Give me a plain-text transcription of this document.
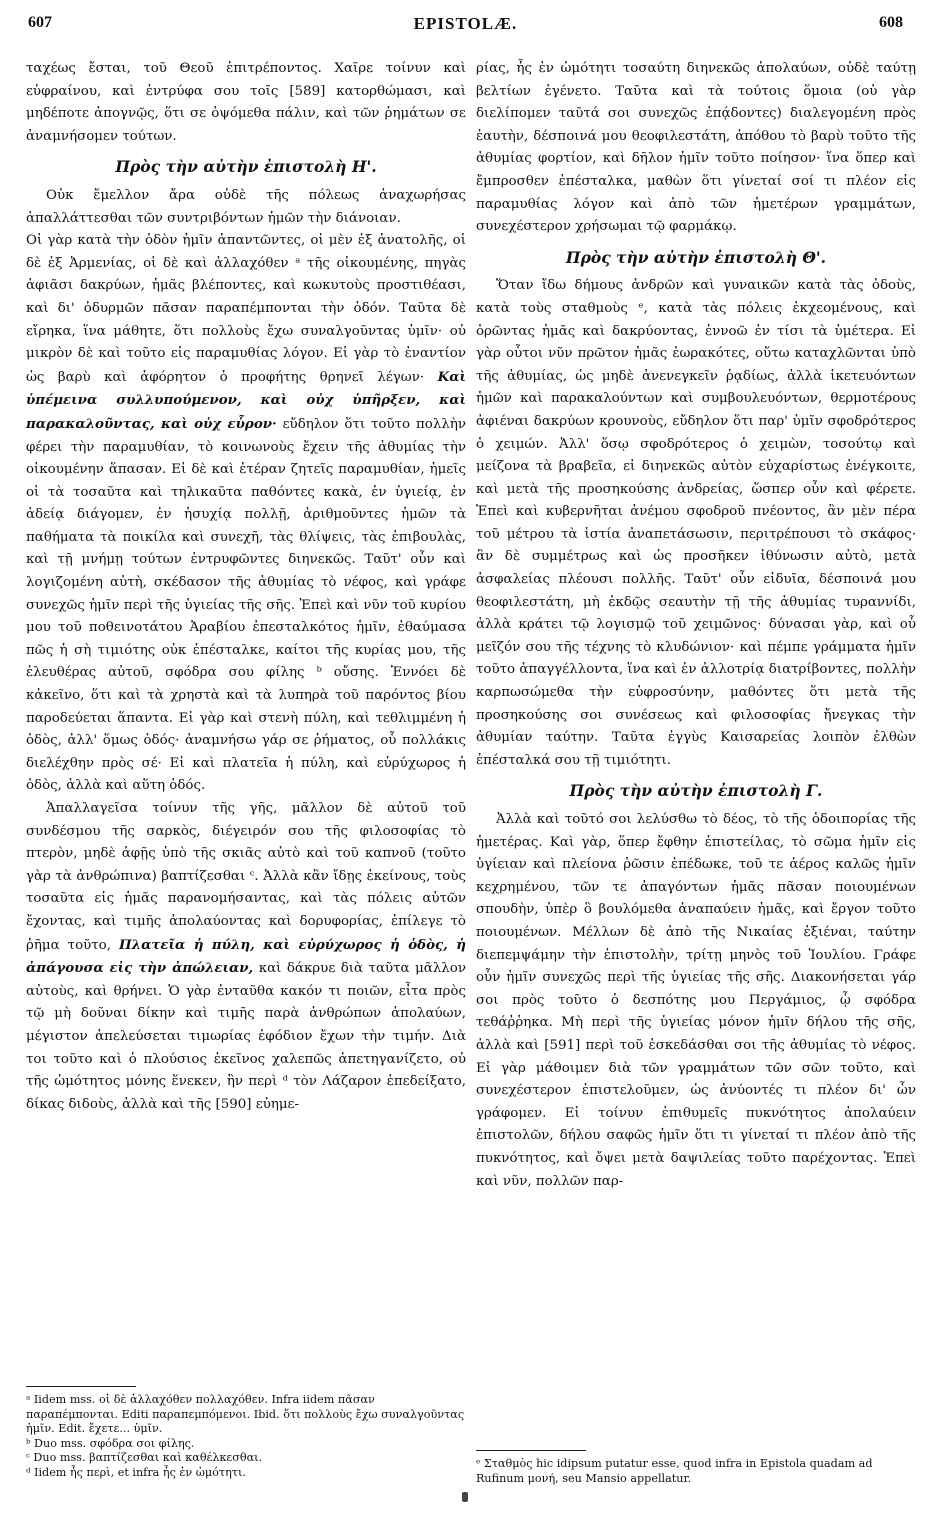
607	EPISTOLÆ.	608

ταχέως ἔσται, τοῦ Θεοῦ ἐπιτρέποντος. Χαῖρε τοίνυν καὶ εὐφραίνου, καὶ ἐντρύφα σου τοῖς [589] κατορθώμασι, καὶ μηδέποτε ἀπογνῷς, ὅτι σε ὀψόμεθα πάλιν, καὶ τῶν ῥημάτων σε ἀναμνήσομεν τούτων.

Πρὸς τὴν αὐτὴν ἐπιστολὴ Η'.

Οὐκ ἔμελλον ἄρα οὐδὲ τῆς πόλεως ἀναχωρήσας ἀπαλλάττεσθαι τῶν συντριβόντων ἡμῶν τὴν διάνοιαν.

Οἱ γὰρ κατὰ τὴν ὁδὸν ἡμῖν ἀπαντῶντες, οἱ μὲν ἐξ ἀνατολῆς, οἱ δὲ ἐξ Ἀρμενίας, οἱ δὲ καὶ ἀλλαχόθεν ᵃ τῆς οἰκουμένης, πηγὰς ἀφιᾶσι δακρύων, ἡμᾶς βλέποντες, καὶ κωκυτοὺς προστιθέασι, καὶ δι' ὀδυρμῶν πᾶσαν παραπέμπονται τὴν ὁδόν. Ταῦτα δὲ εἴρηκα, ἵνα μάθητε, ὅτι πολλοὺς ἔχω συναλγοῦντας ὑμῖν· οὐ μικρὸν δὲ καὶ τοῦτο εἰς παραμυθίας λόγον. Εἰ γὰρ τὸ ἐναντίον ὡς βαρὺ καὶ ἀφόρητον ὁ προφήτης θρηνεῖ λέγων· Καὶ ὑπέμεινα συλλυπούμενον, καὶ οὐχ ὑπῆρξεν, καὶ παρακαλοῦντας, καὶ οὐχ εὗρον· εὔδηλον ὅτι τοῦτο πολλὴν φέρει τὴν παραμυθίαν, τὸ κοινωνοὺς ἔχειν τῆς ἀθυμίας τὴν οἰκουμένην ἅπασαν. Εἰ δὲ καὶ ἑτέραν ζητεῖς παραμυθίαν, ἡμεῖς οἱ τὰ τοσαῦτα καὶ τηλικαῦτα παθόντες κακὰ, ἐν ὑγιείᾳ, ἐν ἀδείᾳ διάγομεν, ἐν ἡσυχίᾳ πολλῇ, ἀριθμοῦντες ἡμῶν τὰ παθήματα τὰ ποικίλα καὶ συνεχῆ, τὰς θλίψεις, τὰς ἐπιβουλὰς, καὶ τῇ μνήμῃ τούτων ἐντρυφῶντες διηνεκῶς. Ταῦτ' οὖν καὶ λογιζομένη αὐτὴ, σκέδασον τῆς ἀθυμίας τὸ νέφος, καὶ γράφε συνεχῶς ἡμῖν περὶ τῆς ὑγιείας τῆς σῆς. Ἐπεὶ καὶ νῦν τοῦ κυρίου μου τοῦ ποθεινοτάτου Ἀραβίου ἐπεσταλκότος ἡμῖν, ἐθαύμασα πῶς ἡ σὴ τιμιότης οὐκ ἐπέσταλκε, καίτοι τῆς κυρίας μου, τῆς ἐλευθέρας αὐτοῦ, σφόδρα σου φίλης ᵇ οὔσης. Ἐννόει δὲ κἀκεῖνο, ὅτι καὶ τὰ χρηστὰ καὶ τὰ λυπηρὰ τοῦ παρόντος βίου παροδεύεται ἅπαντα. Εἰ γὰρ καὶ στενὴ πύλη, καὶ τεθλιμμένη ἡ ὁδὸς, ἀλλ' ὅμως ὁδός· ἀναμνήσω γάρ σε ῥήματος, οὗ πολλάκις διελέχθην πρὸς σέ· Εἰ καὶ πλατεῖα ἡ πύλη, καὶ εὐρύχωρος ἡ ὁδὸς, ἀλλὰ καὶ αὕτη ὁδός.

Ἀπαλλαγεῖσα τοίνυν τῆς γῆς, μᾶλλον δὲ αὐτοῦ τοῦ συνδέσμου τῆς σαρκὸς, διέγειρόν σου τῆς φιλοσοφίας τὸ πτερὸν, μηδὲ ἀφῇς ὑπὸ τῆς σκιᾶς αὐτὸ καὶ τοῦ καπνοῦ (τοῦτο γὰρ τὰ ἀνθρώπινα) βαπτίζεσθαι ᶜ. Ἀλλὰ κἂν ἴδῃς ἐκείνους, τοὺς τοσαῦτα εἰς ἡμᾶς παρανομήσαντας, καὶ τὰς πόλεις αὐτῶν ἔχοντας, καὶ τιμῆς ἀπολαύοντας καὶ δορυφορίας, ἐπίλεγε τὸ ῥῆμα τοῦτο, Πλατεῖα ἡ πύλη, καὶ εὐρύχωρος ἡ ὁδὸς, ἡ ἀπάγουσα εἰς τὴν ἀπώλειαν, καὶ δάκρυε διὰ ταῦτα μᾶλλον αὐτοὺς, καὶ θρήνει. Ὁ γὰρ ἐνταῦθα κακόν τι ποιῶν, εἶτα πρὸς τῷ μὴ δοῦναι δίκην καὶ τιμῆς παρὰ ἀνθρώπων ἀπολαύων, μέγιστον ἀπελεύσεται τιμωρίας ἐφόδιον ἔχων τὴν τιμήν. Διὰ τοι τοῦτο καὶ ὁ πλούσιος ἐκεῖνος χαλεπῶς ἀπετηγανίζετο, οὐ τῆς ὠμότητος μόνης ἕνεκεν, ἣν περὶ ᵈ τὸν Λάζαρον ἐπεδείξατο, δίκας διδοὺς, ἀλλὰ καὶ τῆς [590] εὐημε-

ᵃ Iidem mss. οἱ δὲ ἀλλαχόθεν πολλαχόθεν. Infra iidem πᾶσαν παραπέμπονται. Editi παραπεμπόμενοι. Ibid. ὅτι πολλοὺς ἔχω συναλγοῦντας ἡμῖν. Edit. ἔχετε... ὑμῖν.

ᵇ Duo mss. σφόδρα σοι φίλης.

ᶜ Duo mss. βαπτίζεσθαι καὶ καθέλκεσθαι.

ᵈ Iidem ἧς περὶ, et infra ἧς ἐν ὠμότητι.

ρίας, ἧς ἐν ὠμότητι τοσαύτη διηνεκῶς ἀπολαύων, οὐδὲ ταύτῃ βελτίων ἐγένετο. Ταῦτα καὶ τὰ τούτοις ὅμοια (οὐ γὰρ διελίπομεν ταῦτά σοι συνεχῶς ἐπᾴδοντες) διαλεγομένη πρὸς ἑαυτὴν, δέσποινά μου θεοφιλεστάτη, ἀπόθου τὸ βαρὺ τοῦτο τῆς ἀθυμίας φορτίον, καὶ δῆλον ἡμῖν τοῦτο ποίησον· ἵνα ὅπερ καὶ ἔμπροσθεν ἐπέσταλκα, μαθὼν ὅτι γίνεταί σοί τι πλέον εἰς παραμυθίας λόγον καὶ ἀπὸ τῶν ἡμετέρων γραμμάτων, συνεχέστερον χρήσωμαι τῷ φαρμάκῳ.

Πρὸς τὴν αὐτὴν ἐπιστολὴ Θ'.

Ὅταν ἴδω δήμους ἀνδρῶν καὶ γυναικῶν κατὰ τὰς ὁδοὺς, κατὰ τοὺς σταθμοὺς ᵉ, κατὰ τὰς πόλεις ἐκχεομένους, καὶ ὁρῶντας ἡμᾶς καὶ δακρύοντας, ἐννοῶ ἐν τίσι τὰ ὑμέτερα. Εἰ γὰρ οὗτοι νῦν πρῶτον ἡμᾶς ἑωρακότες, οὕτω καταχλῶνται ὑπὸ τῆς ἀθυμίας, ὡς μηδὲ ἀνενεγκεῖν ῥᾳδίως, ἀλλὰ ἱκετευόντων ἡμῶν καὶ παρακαλούντων καὶ συμβουλευόντων, θερμοτέρους ἀφιέναι δακρύων κρουνοὺς, εὔδηλον ὅτι παρ' ὑμῖν σφοδρότερος ὁ χειμών. Ἀλλ' ὅσῳ σφοδρότερος ὁ χειμὼν, τοσούτῳ καὶ μείζονα τὰ βραβεῖα, εἰ διηνεκῶς αὐτὸν εὐχαρίστως ἐνέγκοιτε, καὶ μετὰ τῆς προσηκούσης ἀνδρείας, ὥσπερ οὖν καὶ φέρετε. Ἐπεὶ καὶ κυβερνῆται ἀνέμου σφοδροῦ πνέοντος, ἂν μὲν πέρα τοῦ μέτρου τὰ ἱστία ἀναπετάσωσιν, περιτρέπουσι τὸ σκάφος· ἂν δὲ συμμέτρως καὶ ὡς προσῆκεν ἰθύνωσιν αὐτὸ, μετὰ ἀσφαλείας πλέουσι πολλῆς. Ταῦτ' οὖν εἰδυῖα, δέσποινά μου θεοφιλεστάτη, μὴ ἐκδῷς σεαυτὴν τῇ τῆς ἀθυμίας τυραννίδι, ἀλλὰ κράτει τῷ λογισμῷ τοῦ χειμῶνος· δύνασαι γὰρ, καὶ οὗ μεῖζόν σου τῆς τέχνης τὸ κλυδώνιον· καὶ πέμπε γράμματα ἡμῖν τοῦτο ἀπαγγέλλοντα, ἵνα καὶ ἐν ἀλλοτρίᾳ διατρίβοντες, πολλὴν καρπωσώμεθα τὴν εὐφροσύνην, μαθόντες ὅτι μετὰ τῆς προσηκούσης σοι συνέσεως καὶ φιλοσοφίας ἤνεγκας τὴν ἀθυμίαν ταύτην. Ταῦτα ἐγγὺς Καισαρείας λοιπὸν ἐλθὼν ἐπέσταλκά σου τῇ τιμιότητι.

Πρὸς τὴν αὐτὴν ἐπιστολὴ Γ.

Ἀλλὰ καὶ τοῦτό σοι λελύσθω τὸ δέος, τὸ τῆς ὁδοιπορίας τῆς ἡμετέρας. Καὶ γὰρ, ὅπερ ἔφθην ἐπιστείλας, τὸ σῶμα ἡμῖν εἰς ὑγίειαν καὶ πλείονα ῥῶσιν ἐπέδωκε, τοῦ τε ἀέρος καλῶς ἡμῖν κεχρημένου, τῶν τε ἀπαγόντων ἡμᾶς πᾶσαν ποιουμένων σπουδὴν, ὑπὲρ ὃ βουλόμεθα ἀναπαύειν ἡμᾶς, καὶ ἔργον τοῦτο ποιουμένων. Μέλλων δὲ ἀπὸ τῆς Νικαίας ἐξιέναι, ταύτην διεπεμψάμην τὴν ἐπιστολὴν, τρίτῃ μηνὸς τοῦ Ἰουλίου. Γράφε οὖν ἡμῖν συνεχῶς περὶ τῆς ὑγιείας τῆς σῆς. Διακονήσεται γάρ σοι πρὸς τοῦτο ὁ δεσπότης μου Περγάμιος, ᾧ σφόδρα τεθάῤῥηκα. Μὴ περὶ τῆς ὑγιείας μόνον ἡμῖν δήλου τῆς σῆς, ἀλλὰ καὶ [591] περὶ τοῦ ἐσκεδάσθαι σοι τῆς ἀθυμίας τὸ νέφος. Εἰ γὰρ μάθοιμεν διὰ τῶν γραμμάτων τῶν σῶν τοῦτο, καὶ συνεχέστερον ἐπιστελοῦμεν, ὡς ἀνύοντές τι πλέον δι' ὧν γράφομεν. Εἰ τοίνυν ἐπιθυμεῖς πυκνότητος ἀπολαύειν ἐπιστολῶν, δήλου σαφῶς ἡμῖν ὅτι τι γίνεταί τι πλέον ἀπὸ τῆς πυκνότητος, καὶ ὄψει μετὰ δαψιλείας τοῦτο παρέχοντας. Ἐπεὶ καὶ νῦν, πολλῶν παρ-

ᵉ Σταθμὸς hic idipsum putatur esse, quod infra in Epistola quadam ad Rufinum μονή, seu Mansio appellatur.
